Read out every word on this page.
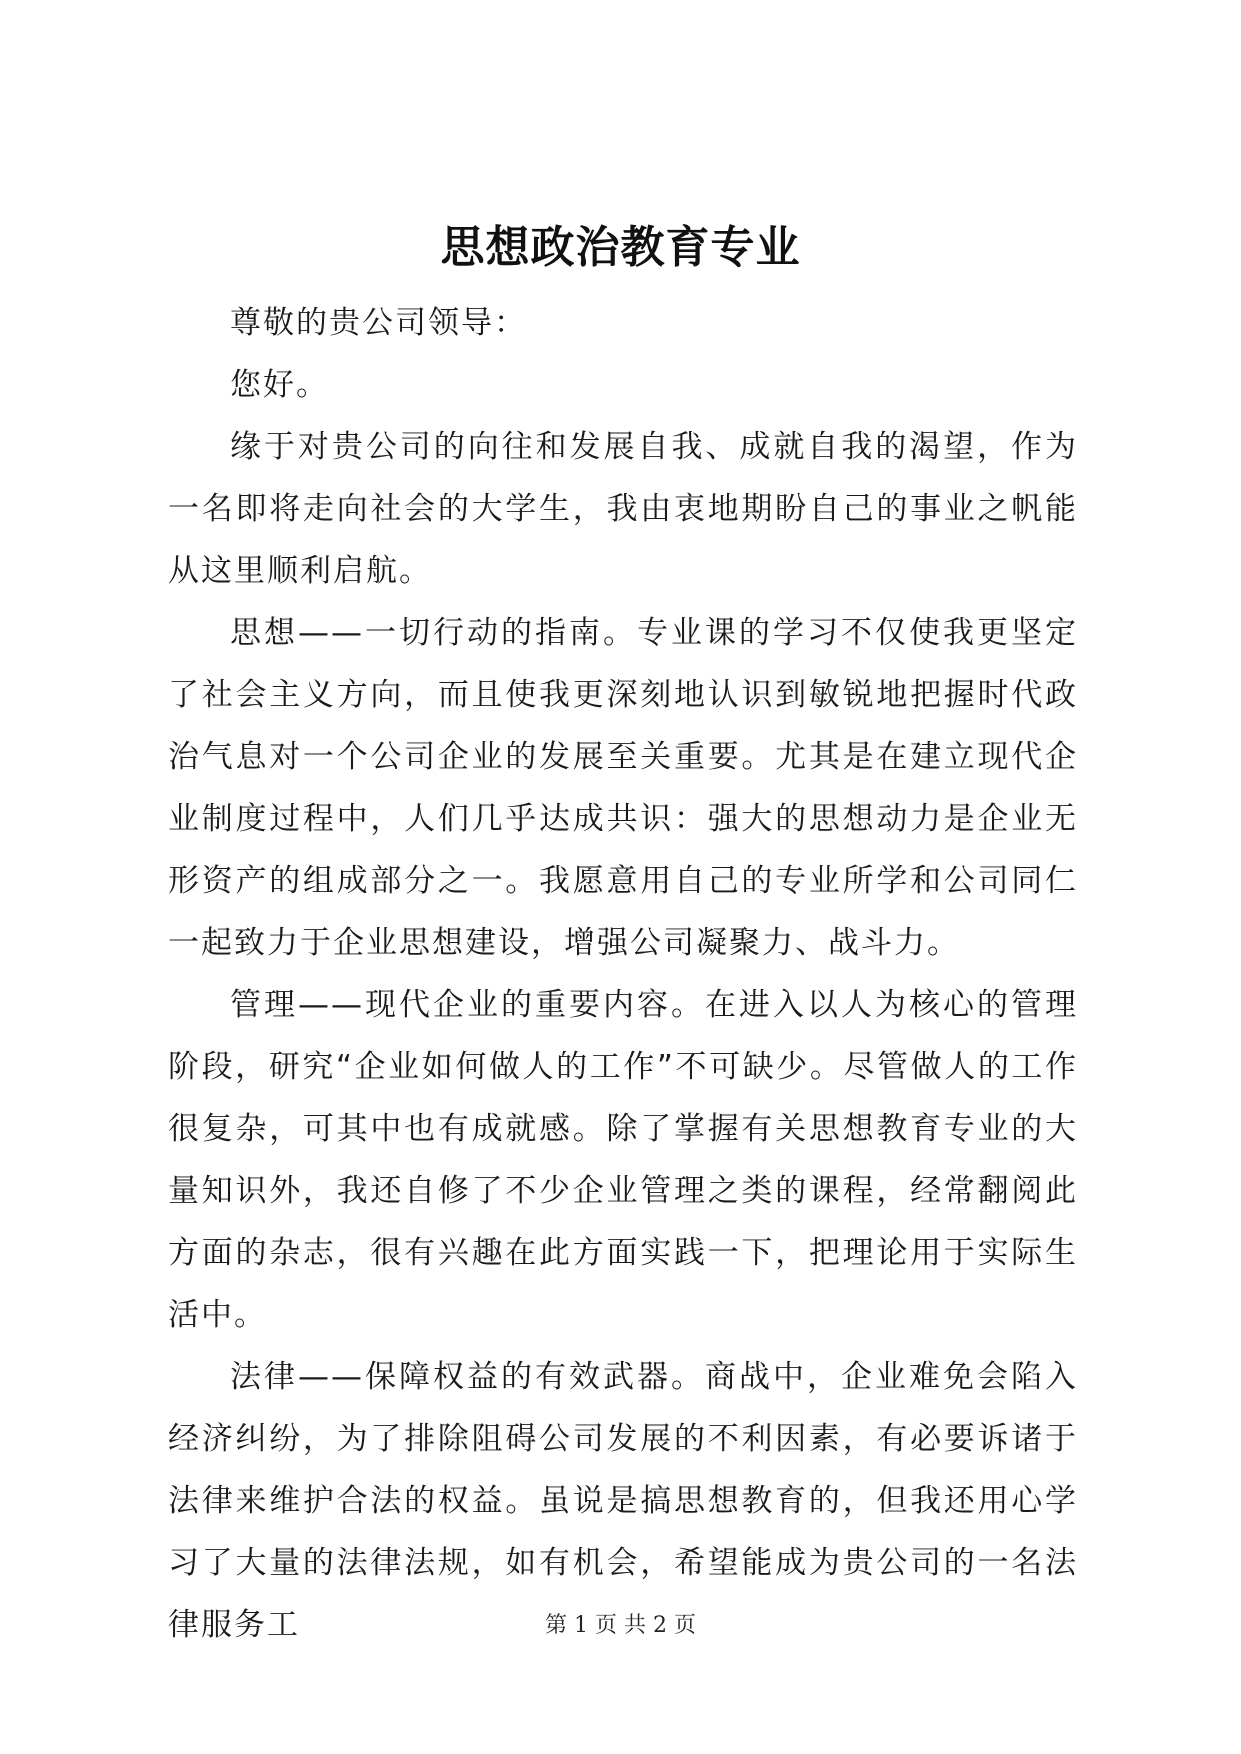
思想政治教育专业

尊敬的贵公司领导：

您好。

缘于对贵公司的向往和发展自我、成就自我的渴望，作为一名即将走向社会的大学生，我由衷地期盼自己的事业之帆能从这里顺利启航。

思想——一切行动的指南。专业课的学习不仅使我更坚定了社会主义方向，而且使我更深刻地认识到敏锐地把握时代政治气息对一个公司企业的发展至关重要。尤其是在建立现代企业制度过程中，人们几乎达成共识：强大的思想动力是企业无形资产的组成部分之一。我愿意用自己的专业所学和公司同仁一起致力于企业思想建设，增强公司凝聚力、战斗力。

管理——现代企业的重要内容。在进入以人为核心的管理阶段，研究“企业如何做人的工作”不可缺少。尽管做人的工作很复杂，可其中也有成就感。除了掌握有关思想教育专业的大量知识外，我还自修了不少企业管理之类的课程，经常翻阅此方面的杂志，很有兴趣在此方面实践一下，把理论用于实际生活中。

法律——保障权益的有效武器。商战中，企业难免会陷入经济纠纷，为了排除阻碍公司发展的不利因素，有必要诉诸于法律来维护合法的权益。虽说是搞思想教育的，但我还用心学习了大量的法律法规，如有机会，希望能成为贵公司的一名法律服务工	第 1 页 共 2 页
